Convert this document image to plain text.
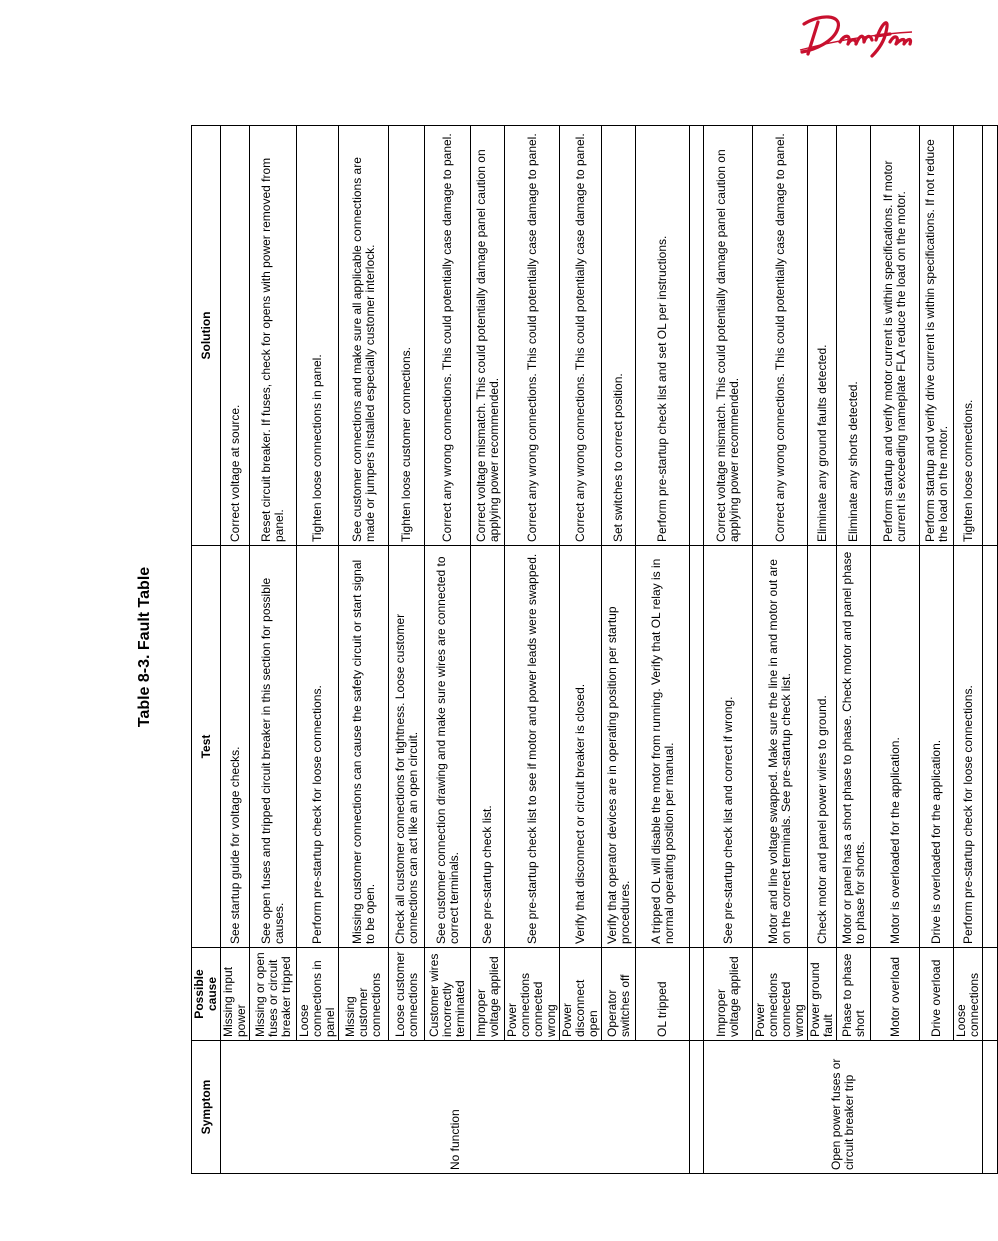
Table 8-3. Fault Table
Symptom	Possible cause	Test	Solution
No function	Missing input power	See startup guide for voltage checks.	Correct voltage at source.
	Missing or open fuses or circuit breaker tripped	See open fuses and tripped circuit breaker in this section for possible causes.	Reset circuit breaker. If fuses, check for opens with power removed from panel.
	Loose connections in panel	Perform pre-startup check for loose connections.	Tighten loose connections in panel.
	Missing customer connections	Missing customer connections can cause the safety circuit or start signal to be open.	See customer connections and make sure all applicable connections are made or jumpers installed especially customer interlock.
	Loose customer connections	Check all customer connections for tightness. Loose customer connections can act like an open circuit.	Tighten loose customer connections.
	Customer wires incorrectly terminated	See customer connection drawing and make sure wires are connected to correct terminals.	Correct any wrong connections. This could potentially case damage to panel.
	Improper voltage applied	See pre-startup check list.	Correct voltage mismatch. This could potentially damage panel caution on applying power recommended.
	Power connections connected wrong	See pre-startup check list to see if motor and power leads were swapped.	Correct any wrong connections. This could potentially case damage to panel.
	Power disconnect open	Verify that disconnect or circuit breaker is closed.	Correct any wrong connections. This could potentially case damage to panel.
	Operator switches off	Verify that operator devices are in operating position per startup procedures.	Set switches to correct position.
	OL tripped	A tripped OL will disable the motor from running. Verify that OL relay is in normal operating position per manual.	Perform pre-startup check list and set OL per instructions.

Open power fuses or circuit breaker trip	Improper voltage applied	See pre-startup check list and correct if wrong.	Correct voltage mismatch. This could potentially damage panel caution on applying power recommended.
	Power connections connected wrong	Motor and line voltage swapped. Make sure the line in and motor out are on the correct terminals. See pre-startup check list.	Correct any wrong connections. This could potentially case damage to panel.
	Power ground fault	Check motor and panel power wires to ground.	Eliminate any ground faults detected.
	Phase to phase short	Motor or panel has a short phase to phase. Check motor and panel phase to phase for shorts.	Eliminate any shorts detected.
	Motor overload	Motor is overloaded for the application.	Perform startup and verify motor current is within specifications. If motor current is exceeding nameplate FLA reduce the load on the motor.
	Drive overload	Drive is overloaded for the application.	Perform startup and verify drive current is within specifications. If not reduce the load on the motor.
	Loose connections	Perform pre-startup check for loose connections.	Tighten loose connections.
